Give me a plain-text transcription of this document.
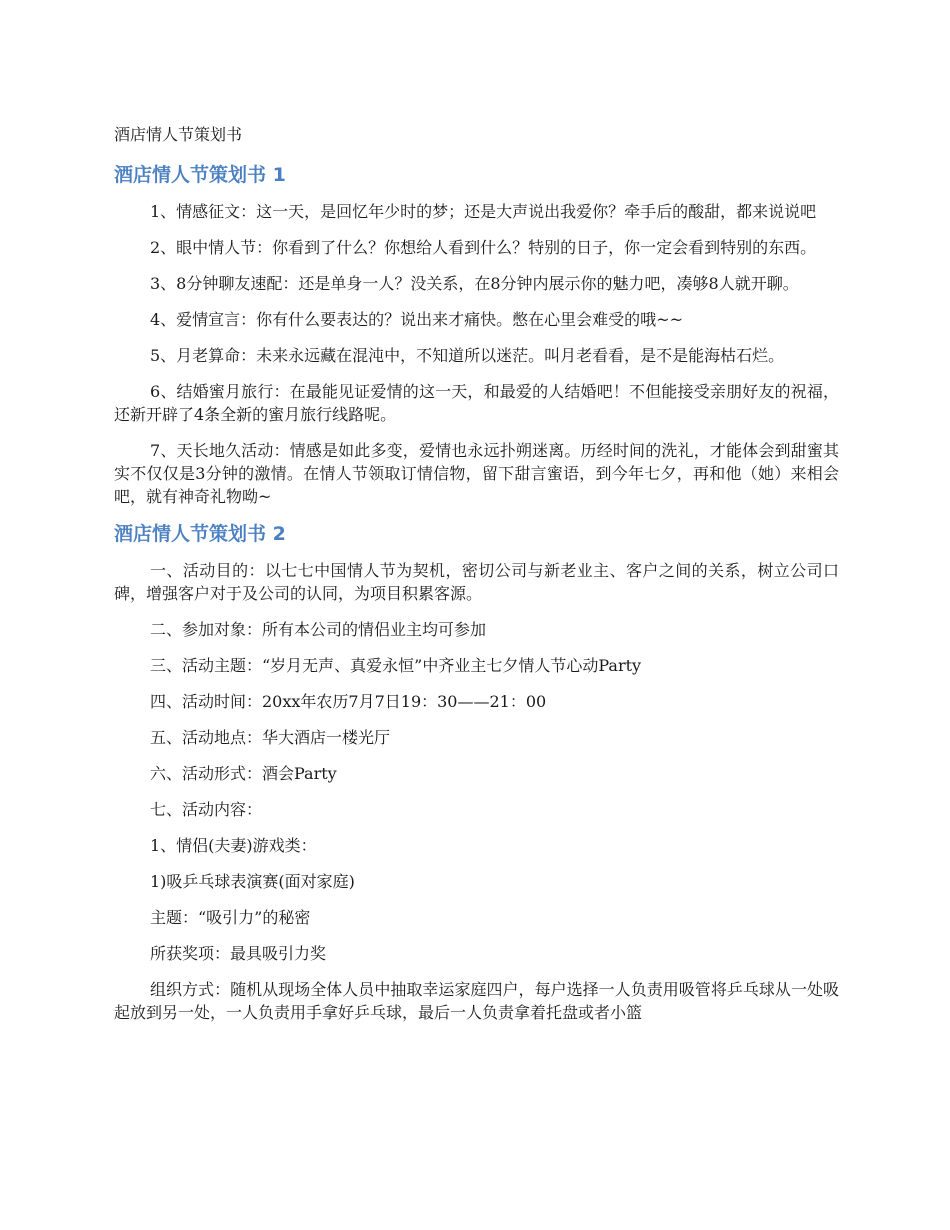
酒店情人节策划书
酒店情人节策划书 1

1、情感征文：这一天，是回忆年少时的梦；还是大声说出我爱你？牵手后的酸甜，都来说说吧

2、眼中情人节：你看到了什么？你想给人看到什么？特别的日子，你一定会看到特别的东西。

3、8分钟聊友速配：还是单身一人？没关系，在8分钟内展示你的魅力吧，凑够8人就开聊。

4、爱情宣言：你有什么要表达的？说出来才痛快。憋在心里会难受的哦~~

5、月老算命：未来永远藏在混沌中，不知道所以迷茫。叫月老看看，是不是能海枯石烂。

6、结婚蜜月旅行：在最能见证爱情的这一天，和最爱的人结婚吧！不但能接受亲朋好友的祝福，还新开辟了4条全新的蜜月旅行线路呢。

7、天长地久活动：情感是如此多变，爱情也永远扑朔迷离。历经时间的洗礼，才能体会到甜蜜其实不仅仅是3分钟的激情。在情人节领取订情信物，留下甜言蜜语，到今年七夕，再和他（她）来相会吧，就有神奇礼物呦~

酒店情人节策划书 2

一、活动目的：以七七中国情人节为契机，密切公司与新老业主、客户之间的关系，树立公司口碑，增强客户对于及公司的认同，为项目积累客源。

二、参加对象：所有本公司的情侣业主均可参加

三、活动主题：“岁月无声、真爱永恒”中齐业主七夕情人节心动Party

四、活动时间：20xx年农历7月7日19：30——21：00

五、活动地点：华大酒店一楼光厅

六、活动形式：酒会Party

七、活动内容：

1、情侣(夫妻)游戏类：

1)吸乒乓球表演赛(面对家庭)

主题：“吸引力”的秘密

所获奖项：最具吸引力奖

组织方式：随机从现场全体人员中抽取幸运家庭四户，每户选择一人负责用吸管将乒乓球从一处吸起放到另一处，一人负责用手拿好乒乓球，最后一人负责拿着托盘或者小篮
